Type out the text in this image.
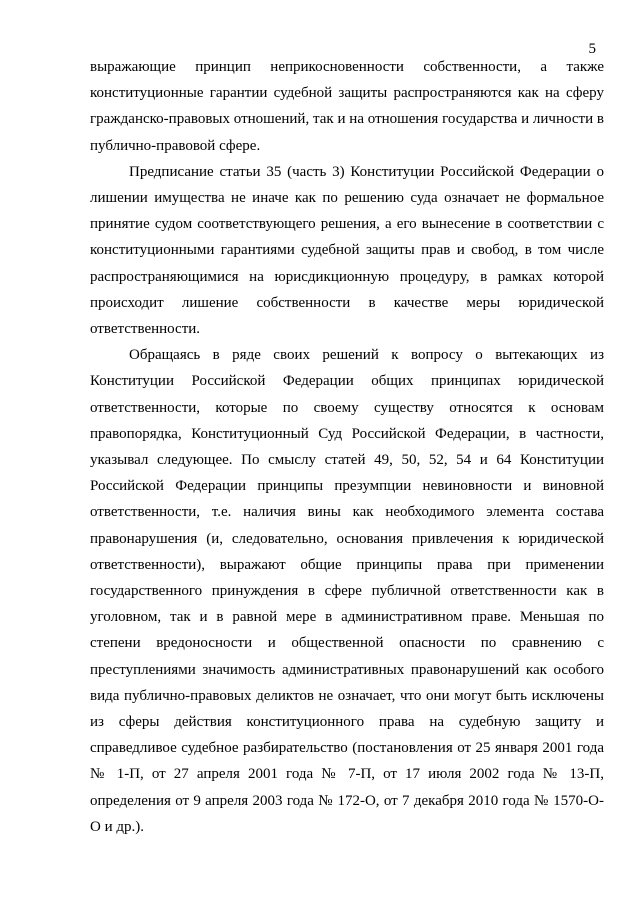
5

выражающие принцип неприкосновенности собственности, а также конституционные гарантии судебной защиты распространяются как на сферу гражданско-правовых отношений, так и на отношения государства и личности в публично-правовой сфере.

Предписание статьи 35 (часть 3) Конституции Российской Федерации о лишении имущества не иначе как по решению суда означает не формальное принятие судом соответствующего решения, а его вынесение в соответствии с конституционными гарантиями судебной защиты прав и свобод, в том числе распространяющимися на юрисдикционную процедуру, в рамках которой происходит лишение собственности в качестве меры юридической ответственности.

Обращаясь в ряде своих решений к вопросу о вытекающих из Конституции Российской Федерации общих принципах юридической ответственности, которые по своему существу относятся к основам правопорядка, Конституционный Суд Российской Федерации, в частности, указывал следующее. По смыслу статей 49, 50, 52, 54 и 64 Конституции Российской Федерации принципы презумпции невиновности и виновной ответственности, т.е. наличия вины как необходимого элемента состава правонарушения (и, следовательно, основания привлечения к юридической ответственности), выражают общие принципы права при применении государственного принуждения в сфере публичной ответственности как в уголовном, так и в равной мере в административном праве. Меньшая по степени вредоносности и общественной опасности по сравнению с преступлениями значимость административных правонарушений как особого вида публично-правовых деликтов не означает, что они могут быть исключены из сферы действия конституционного права на судебную защиту и справедливое судебное разбирательство (постановления от 25 января 2001 года № 1-П, от 27 апреля 2001 года № 7-П, от 17 июля 2002 года № 13-П, определения от 9 апреля 2003 года № 172-О, от 7 декабря 2010 года № 1570-О-О и др.).
